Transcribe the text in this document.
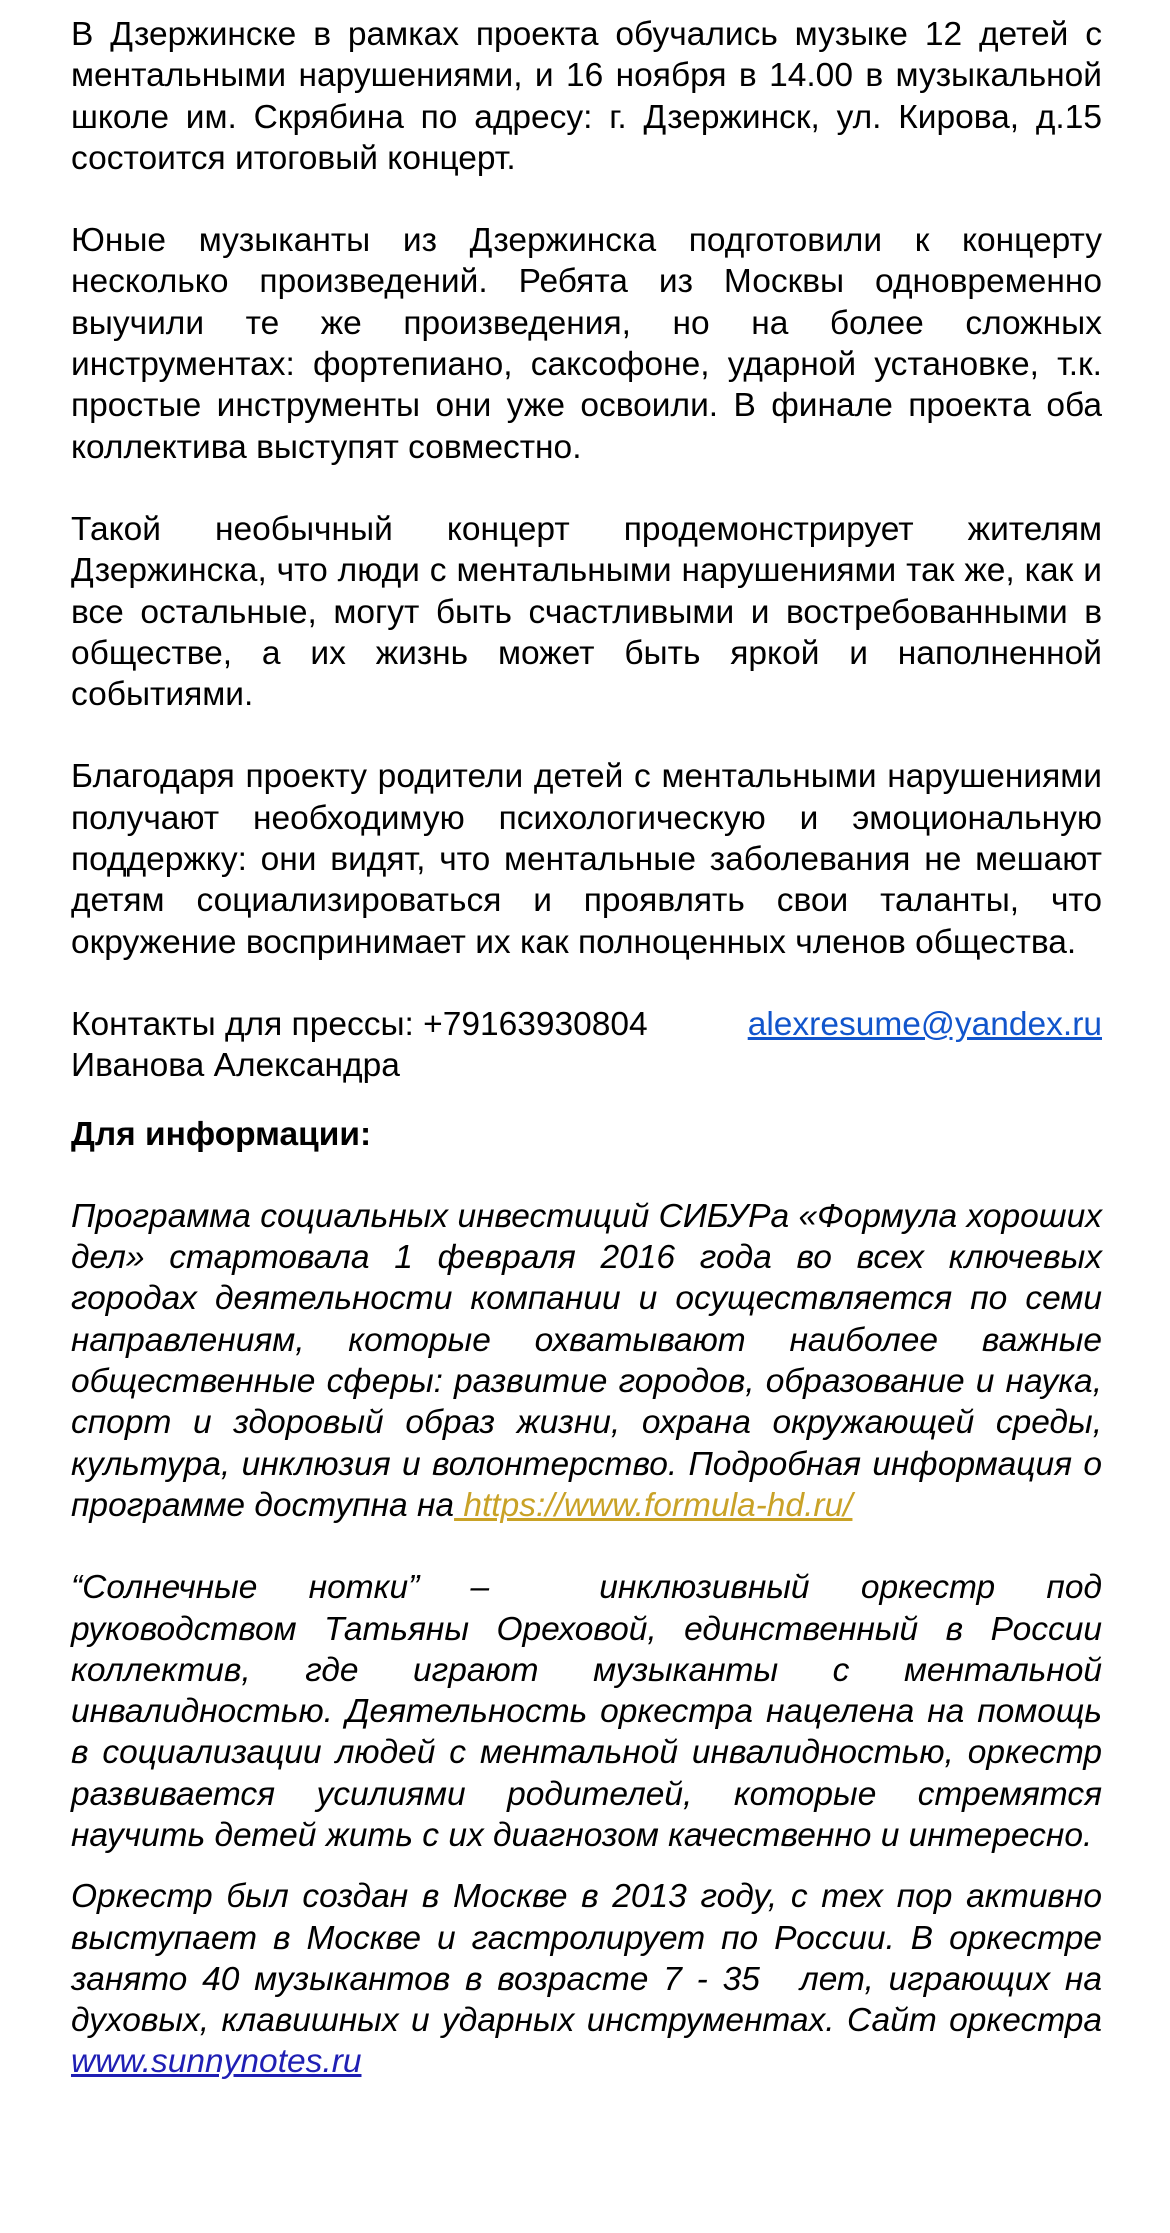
В Дзержинске в рамках проекта обучались музыке 12 детей с ментальными нарушениями, и 16 ноября в 14.00 в музыкальной школе им. Скрябина по адресу: г. Дзержинск, ул. Кирова, д.15 состоится итоговый концерт.

Юные музыканты из Дзержинска подготовили к концерту несколько произведений. Ребята из Москвы одновременно выучили те же произведения, но на более сложных инструментах: фортепиано, саксофоне, ударной установке, т.к. простые инструменты они уже освоили. В финале проекта оба коллектива выступят совместно.

Такой необычный концерт продемонстрирует жителям Дзержинска, что люди с ментальными нарушениями так же, как и все остальные, могут быть счастливыми и востребованными в обществе, а их жизнь может быть яркой и наполненной событиями.

Благодаря проекту родители детей с ментальными нарушениями получают необходимую психологическую и эмоциональную поддержку: они видят, что ментальные заболевания не мешают детям социализироваться и проявлять свои таланты, что окружение воспринимает их как полноценных членов общества.

Контакты для прессы: +79163930804	alexresume@yandex.ru

Иванова Александра

Для информации:

Программа социальных инвестиций СИБУРа «Формула хороших дел» стартовала 1 февраля 2016 года во всех ключевых городах деятельности компании и осуществляется по семи направлениям, которые охватывают наиболее важные общественные сферы: развитие городов, образование и наука, спорт и здоровый образ жизни, охрана окружающей среды, культура, инклюзия и волонтерство. Подробная информация о программе доступна на https://www.formula-hd.ru/

“Солнечные нотки” –	инклюзивный оркестр под руководством Татьяны Ореховой, единственный в России коллектив, где играют музыканты с ментальной инвалидностью. Деятельность оркестра нацелена на помощь в социализации людей с ментальной инвалидностью, оркестр развивается усилиями родителей, которые стремятся научить детей жить с их диагнозом качественно и интересно.

Оркестр был создан в Москве в 2013 году, с тех пор активно выступает в Москве и гастролирует по России. В оркестре занято 40 музыкантов в возрасте 7 - 35 лет, играющих на духовых, клавишных и ударных инструментах. Сайт оркестра www.sunnynotes.ru
